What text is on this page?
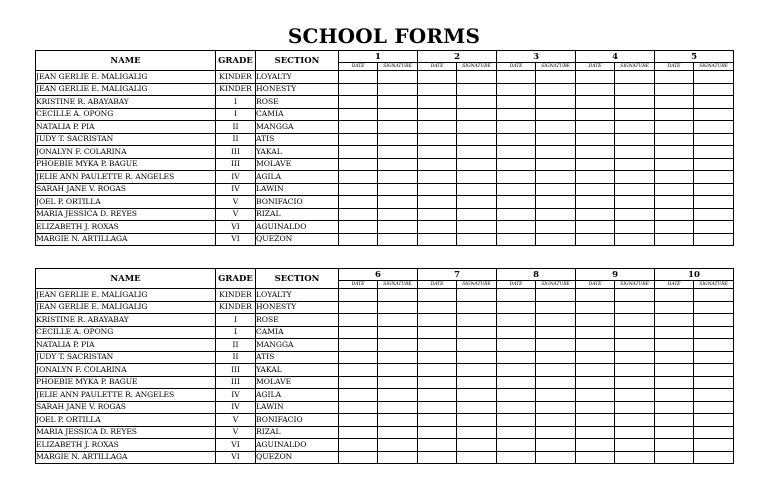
SCHOOL FORMS
NAME	GRADE	SECTION	1		2		3		4		5	
			DATE	SIGNATURE	DATE	SIGNATURE	DATE	SIGNATURE	DATE	SIGNATURE	DATE	SIGNATURE
JEAN GERLIE E. MALIGALIG	KINDER	LOYALTY										
JEAN GERLIE E. MALIGALIG	KINDER	HONESTY										
KRISTINE R. ABAYABAY	I	ROSE										
CECILLE A. OPONG	I	CAMIA										
NATALIA P. PIA	II	MANGGA										
JUDY T. SACRISTAN	II	ATIS										
JONALYN F. COLARINA	III	YAKAL										
PHOEBIE MYKA P. BAGUE	III	MOLAVE										
JELIE ANN PAULETTE R. ANGELES	IV	AGILA										
SARAH JANE V. ROGAS	IV	LAWIN										
JOEL P. ORTILLA	V	BONIFACIO										
MARIA JESSICA D. REYES	V	RIZAL										
ELIZABETH J. ROXAS	VI	AGUINALDO										
MARGIE N. ARTILLAGA	VI	QUEZON										
NAME	GRADE	SECTION	6		7		8		9		10	
			DATE	SIGNATURE	DATE	SIGNATURE	DATE	SIGNATURE	DATE	SIGNATURE	DATE	SIGNATURE
JEAN GERLIE E. MALIGALIG	KINDER	LOYALTY										
JEAN GERLIE E. MALIGALIG	KINDER	HONESTY										
KRISTINE R. ABAYABAY	I	ROSE										
CECILLE A. OPONG	I	CAMIA										
NATALIA P. PIA	II	MANGGA										
JUDY T. SACRISTAN	II	ATIS										
JONALYN F. COLARINA	III	YAKAL										
PHOEBIE MYKA P. BAGUE	III	MOLAVE										
JELIE ANN PAULETTE R. ANGELES	IV	AGILA										
SARAH JANE V. ROGAS	IV	LAWIN										
JOEL P. ORTILLA	V	BONIFACIO										
MARIA JESSICA D. REYES	V	RIZAL										
ELIZABETH J. ROXAS	VI	AGUINALDO										
MARGIE N. ARTILLAGA	VI	QUEZON										
